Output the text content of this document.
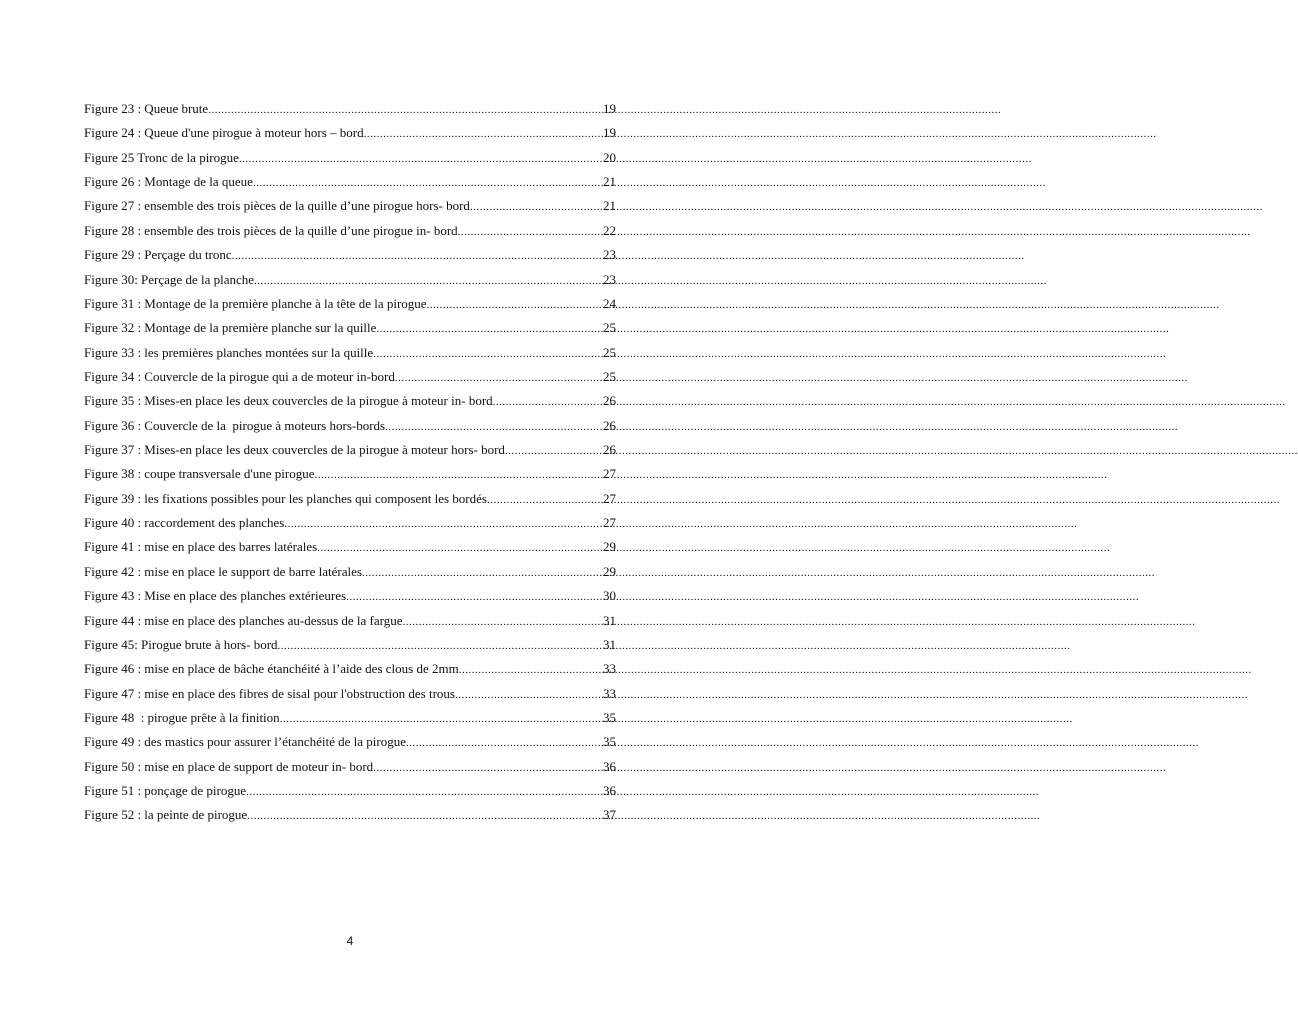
Figure 23 : Queue brute .....	19
Figure 24 : Queue d'une pirogue à moteur hors – bord .....	19
Figure 25 Tronc de la pirogue .....	20
Figure 26 : Montage de la queue .....	21
Figure 27 : ensemble des trois pièces de la quille d’une pirogue hors- bord .....	21
Figure 28 : ensemble des trois pièces de la quille d’une pirogue in- bord .....	22
Figure 29 : Perçage du tronc .....	23
Figure 30: Perçage de la planche .....	23
Figure 31 : Montage de la première planche à la tête de la pirogue .....	24
Figure 32 : Montage de la première planche sur la quille .....	25
Figure 33 : les premières planches montées sur la quille .....	25
Figure 34 : Couvercle de la pirogue qui a de moteur in-bord .....	25
Figure 35 : Mises-en place les deux couvercles de la pirogue à moteur in- bord .....	26
Figure 36 : Couvercle de la  pirogue à moteurs hors-bords .....	26
Figure 37 : Mises-en place les deux couvercles de la pirogue à moteur hors- bord .....	26
Figure 38 : coupe transversale d'une pirogue .....	27
Figure 39 : les fixations possibles pour les planches qui composent les bordés .....	27
Figure 40 : raccordement des planches .....	27
Figure 41 : mise en place des barres latérales .....	29
Figure 42 : mise en place le support de barre latérales .....	29
Figure 43 : Mise en place des planches extérieures .....	30
Figure 44 : mise en place des planches au-dessus de la fargue .....	31
Figure 45: Pirogue brute à hors- bord .....	31
Figure 46 : mise en place de bâche étanchéité à l’aide des clous de 2mm .....	33
Figure 47 : mise en place des fibres de sisal pour l'obstruction des trous .....	33
Figure 48  : pirogue prête à la finition .....	35
Figure 49 : des mastics pour assurer l’étanchéité de la pirogue .....	35
Figure 50 : mise en place de support de moteur in- bord .....	36
Figure 51 : ponçage de pirogue .....	36
Figure 52 : la peinte de pirogue .....	37
4
